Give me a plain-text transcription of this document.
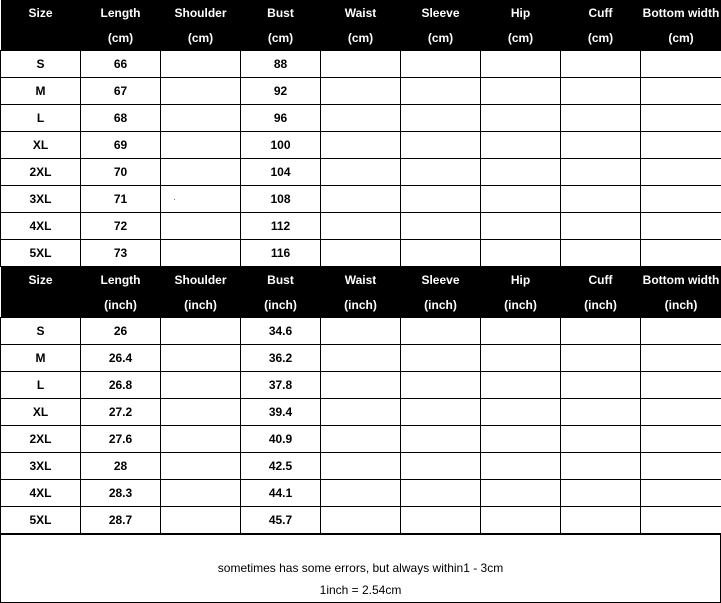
Size	Length	Shoulder	Bust	Waist	Sleeve	Hip	Cuff	Bottom width
	(cm)	(cm)	(cm)	(cm)	(cm)	(cm)	(cm)	(cm)
S	66		88					
M	67		92					
L	68		96					
XL	69		100					
2XL	70		104					
3XL	71		108					
4XL	72		112					
5XL	73		116					
Size	Length	Shoulder	Bust	Waist	Sleeve	Hip	Cuff	Bottom width
	(inch)	(inch)	(inch)	(inch)	(inch)	(inch)	(inch)	(inch)
S	26		34.6					
M	26.4		36.2					
L	26.8		37.8					
XL	27.2		39.4					
2XL	27.6		40.9					
3XL	28		42.5					
4XL	28.3		44.1					
5XL	28.7		45.7					
sometimes has some errors, but always within1 - 3cm
1inch = 2.54cm
